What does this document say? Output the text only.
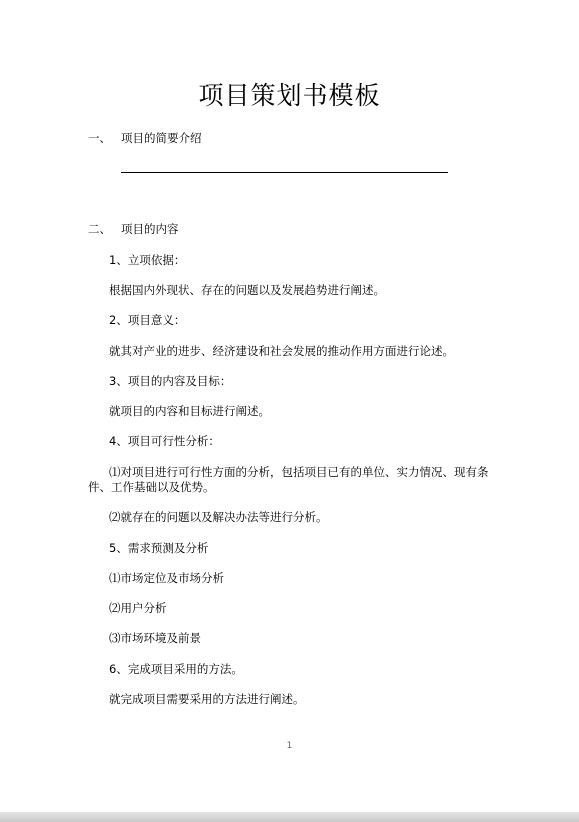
项目策划书模板
一、 项目的简要介绍
二、 项目的内容
1、立项依据：
根据国内外现状、存在的问题以及发展趋势进行阐述。
2、项目意义：
就其对产业的进步、经济建设和社会发展的推动作用方面进行论述。
3、项目的内容及目标：
就项目的内容和目标进行阐述。
4、项目可行性分析：
⑴对项目进行可行性方面的分析，包括项目已有的单位、实力情况、现有条
件、工作基础以及优势。
⑵就存在的问题以及解决办法等进行分析。
5、需求预测及分析
⑴市场定位及市场分析
⑵用户分析
⑶市场环境及前景
6、完成项目采用的方法。
就完成项目需要采用的方法进行阐述。
1
